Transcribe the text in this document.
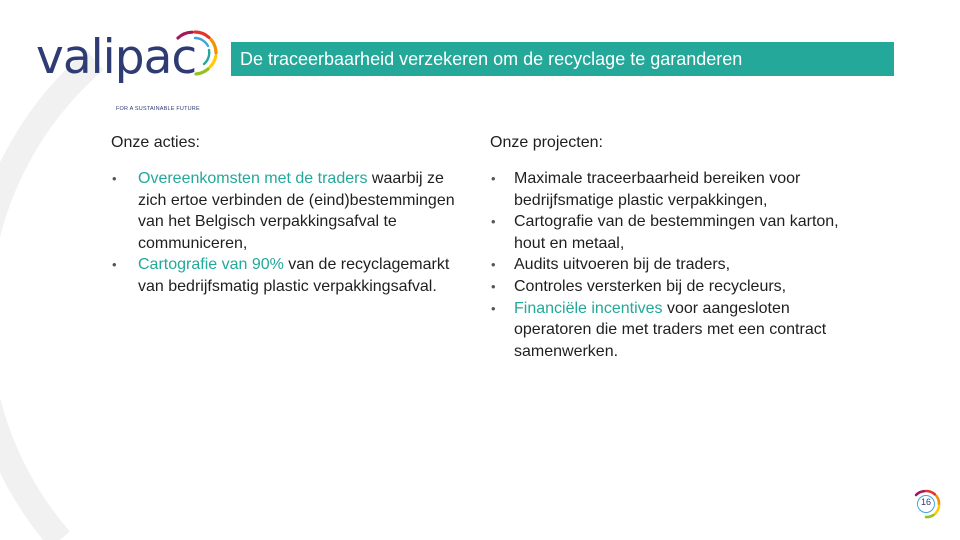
valipac
FOR A SUSTAINABLE FUTURE
De traceerbaarheid verzekeren om de recyclage te garanderen
Onze acties:
• Overeenkomsten met de traders waarbij ze zich ertoe verbinden de (eind)bestemmingen van het Belgisch verpakkingsafval te communiceren,
• Cartografie van 90% van de recyclagemarkt van bedrijfsmatig plastic verpakkingsafval.
Onze projecten:
• Maximale traceerbaarheid bereiken voor bedrijfsmatige plastic verpakkingen,
• Cartografie van de bestemmingen van karton, hout en metaal,
• Audits uitvoeren bij de traders,
• Controles versterken bij de recycleurs,
• Financiële incentives voor aangesloten operatoren die met traders met een contract samenwerken.
16
